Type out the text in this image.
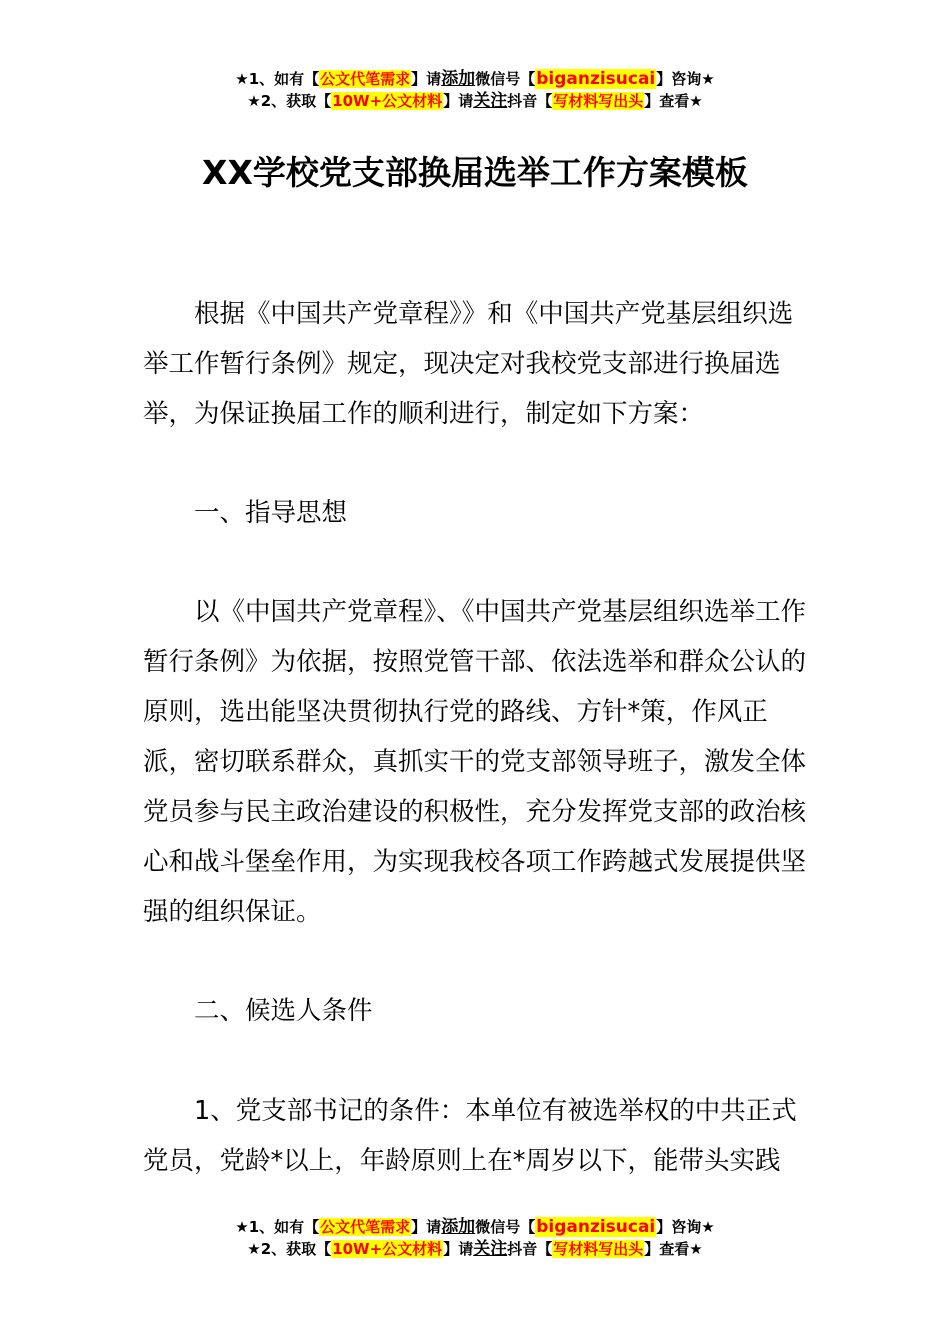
★1、如有【公文代笔需求】请添加微信号【biganzisucai】咨询★
★2、获取【10W+公文材料】请关注抖音【写材料写出头】查看★
XX学校党支部换届选举工作方案模板

根据《中国共产党章程》》和《中国共产党基层组织选举工作暂行条例》规定，现决定对我校党支部进行换届选举，为保证换届工作的顺利进行，制定如下方案：

一、指导思想

以《中国共产党章程》、《中国共产党基层组织选举工作暂行条例》为依据，按照党管干部、依法选举和群众公认的原则，选出能坚决贯彻执行党的路线、方针*策，作风正派，密切联系群众，真抓实干的党支部领导班子，激发全体党员参与民主政治建设的积极性，充分发挥党支部的政治核心和战斗堡垒作用，为实现我校各项工作跨越式发展提供坚强的组织保证。

二、候选人条件

1、党支部书记的条件：本单位有被选举权的中共正式党员，党龄*以上，年龄原则上在*周岁以下，能带头实践

★1、如有【公文代笔需求】请添加微信号【biganzisucai】咨询★
★2、获取【10W+公文材料】请关注抖音【写材料写出头】查看★
